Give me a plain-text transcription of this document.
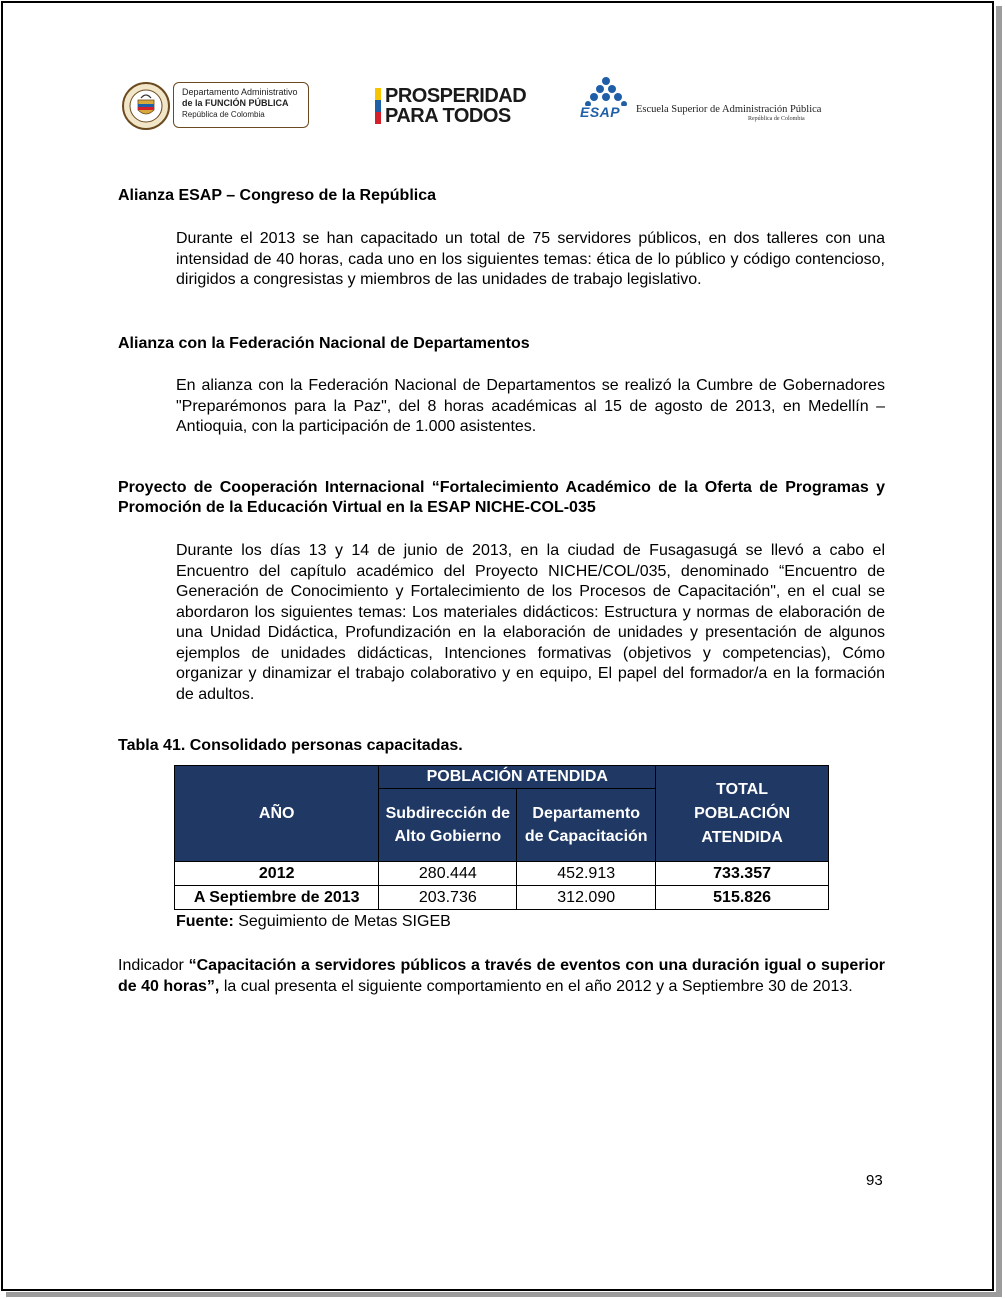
Departamento Administrativo
de la FUNCIÓN PÚBLICA
República de Colombia
PROSPERIDAD
PARA TODOS	ESAP Escuela Superior de Administración Pública
República de Colombia
Alianza ESAP – Congreso de la República
Durante el 2013 se han capacitado un total de 75 servidores públicos, en dos talleres con una intensidad de 40 horas, cada uno en los siguientes temas: ética de lo público y código contencioso, dirigidos a congresistas y miembros de las unidades de trabajo legislativo.
Alianza con la Federación Nacional de Departamentos
En alianza con la Federación Nacional de Departamentos se realizó la Cumbre de Gobernadores "Preparémonos para la Paz", del 8 horas académicas al 15 de agosto de 2013, en Medellín – Antioquia, con la participación de 1.000 asistentes.
Proyecto de Cooperación Internacional “Fortalecimiento Académico de la Oferta de Programas y Promoción de la Educación Virtual en la ESAP NICHE-COL-035
Durante los días 13 y 14 de junio de 2013, en la ciudad de Fusagasugá se llevó a cabo el Encuentro del capítulo académico del Proyecto NICHE/COL/035, denominado “Encuentro de Generación de Conocimiento y Fortalecimiento de los Procesos de Capacitación", en el cual se abordaron los siguientes temas: Los materiales didácticos: Estructura y normas de elaboración de una Unidad Didáctica, Profundización en la elaboración de unidades y presentación de algunos ejemplos de unidades didácticas, Intenciones formativas (objetivos y competencias), Cómo organizar y dinamizar el trabajo colaborativo y en equipo, El papel del formador/a en la formación de adultos.
Tabla 41. Consolidado personas capacitadas.
AÑO	POBLACIÓN ATENDIDA		TOTAL POBLACIÓN ATENDIDA
	Subdirección de Alto Gobierno	Departamento de Capacitación	
2012	280.444	452.913	733.357
A Septiembre de 2013	203.736	312.090	515.826
Fuente: Seguimiento de Metas SIGEB
Indicador “Capacitación a servidores públicos a través de eventos con una duración igual o superior de 40 horas”, la cual presenta el siguiente comportamiento en el año 2012 y a Septiembre 30 de 2013.
93
